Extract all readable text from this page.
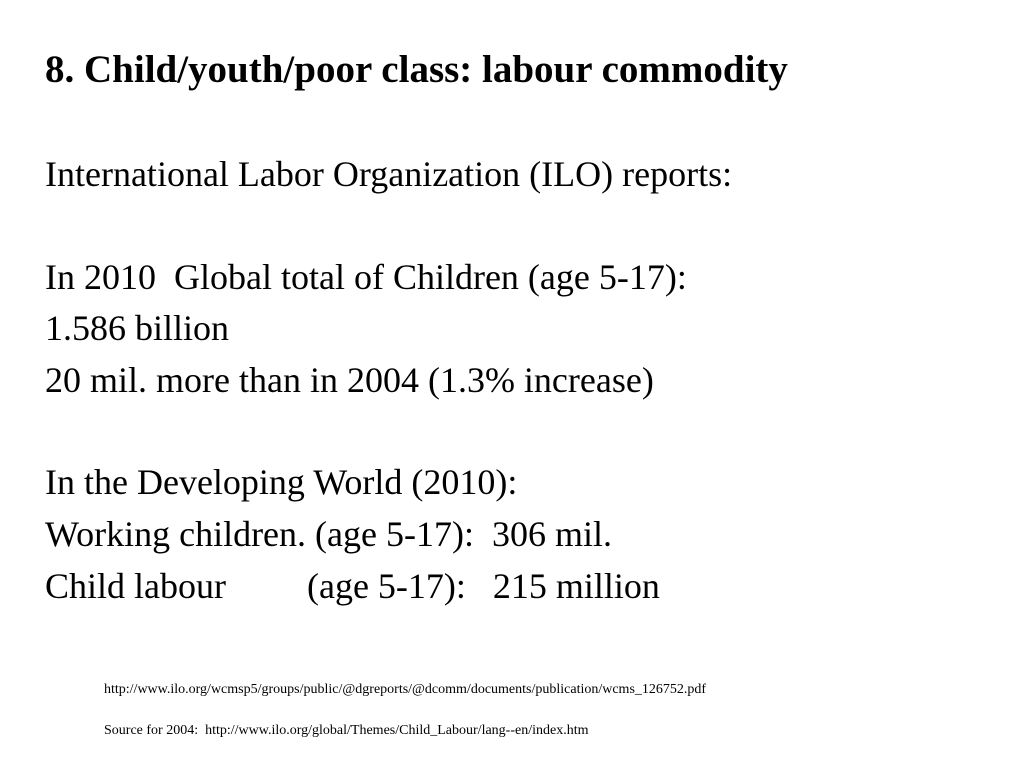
8. Child/youth/poor class: labour commodity
International Labor Organization (ILO) reports:
In 2010  Global total of Children (age 5-17):
1.586 billion
20 mil. more than in 2004 (1.3% increase)
In the Developing World (2010):
Working children. (age 5-17):  306 mil.
Child labour         (age 5-17):   215 million
http://www.ilo.org/wcmsp5/groups/public/@dgreports/@dcomm/documents/publication/wcms_126752.pdf
Source for 2004:  http://www.ilo.org/global/Themes/Child_Labour/lang--en/index.htm
